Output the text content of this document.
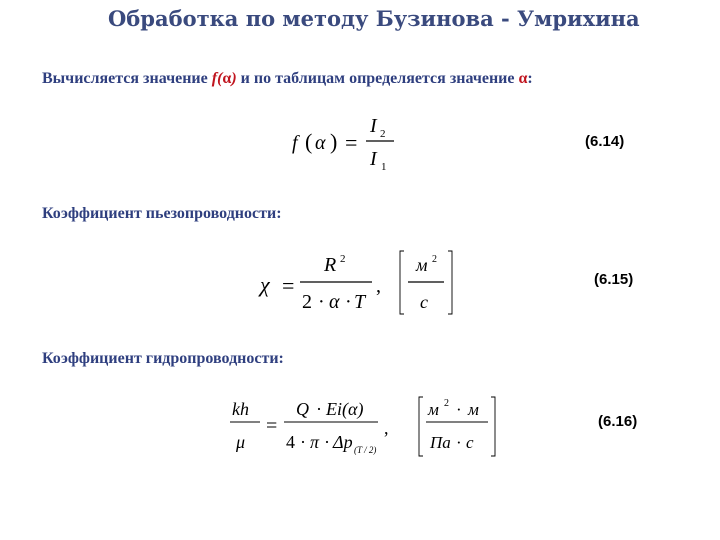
Обработка по методу Бузинова - Умрихина
Вычисляется значение f(α) и по таблицам определяется значение α:
f ( α ) =
I 2
I 1
(6.14)
Коэффициент пьезопроводности:
χ =
R 2
2 · α · T
,
м 2
с
(6.15)
Коэффициент гидропроводности:
kh
μ
=
Q · Ei(α)
4 · π · Δp (T / 2)
,
м 2 · м
Па · с
(6.16)
